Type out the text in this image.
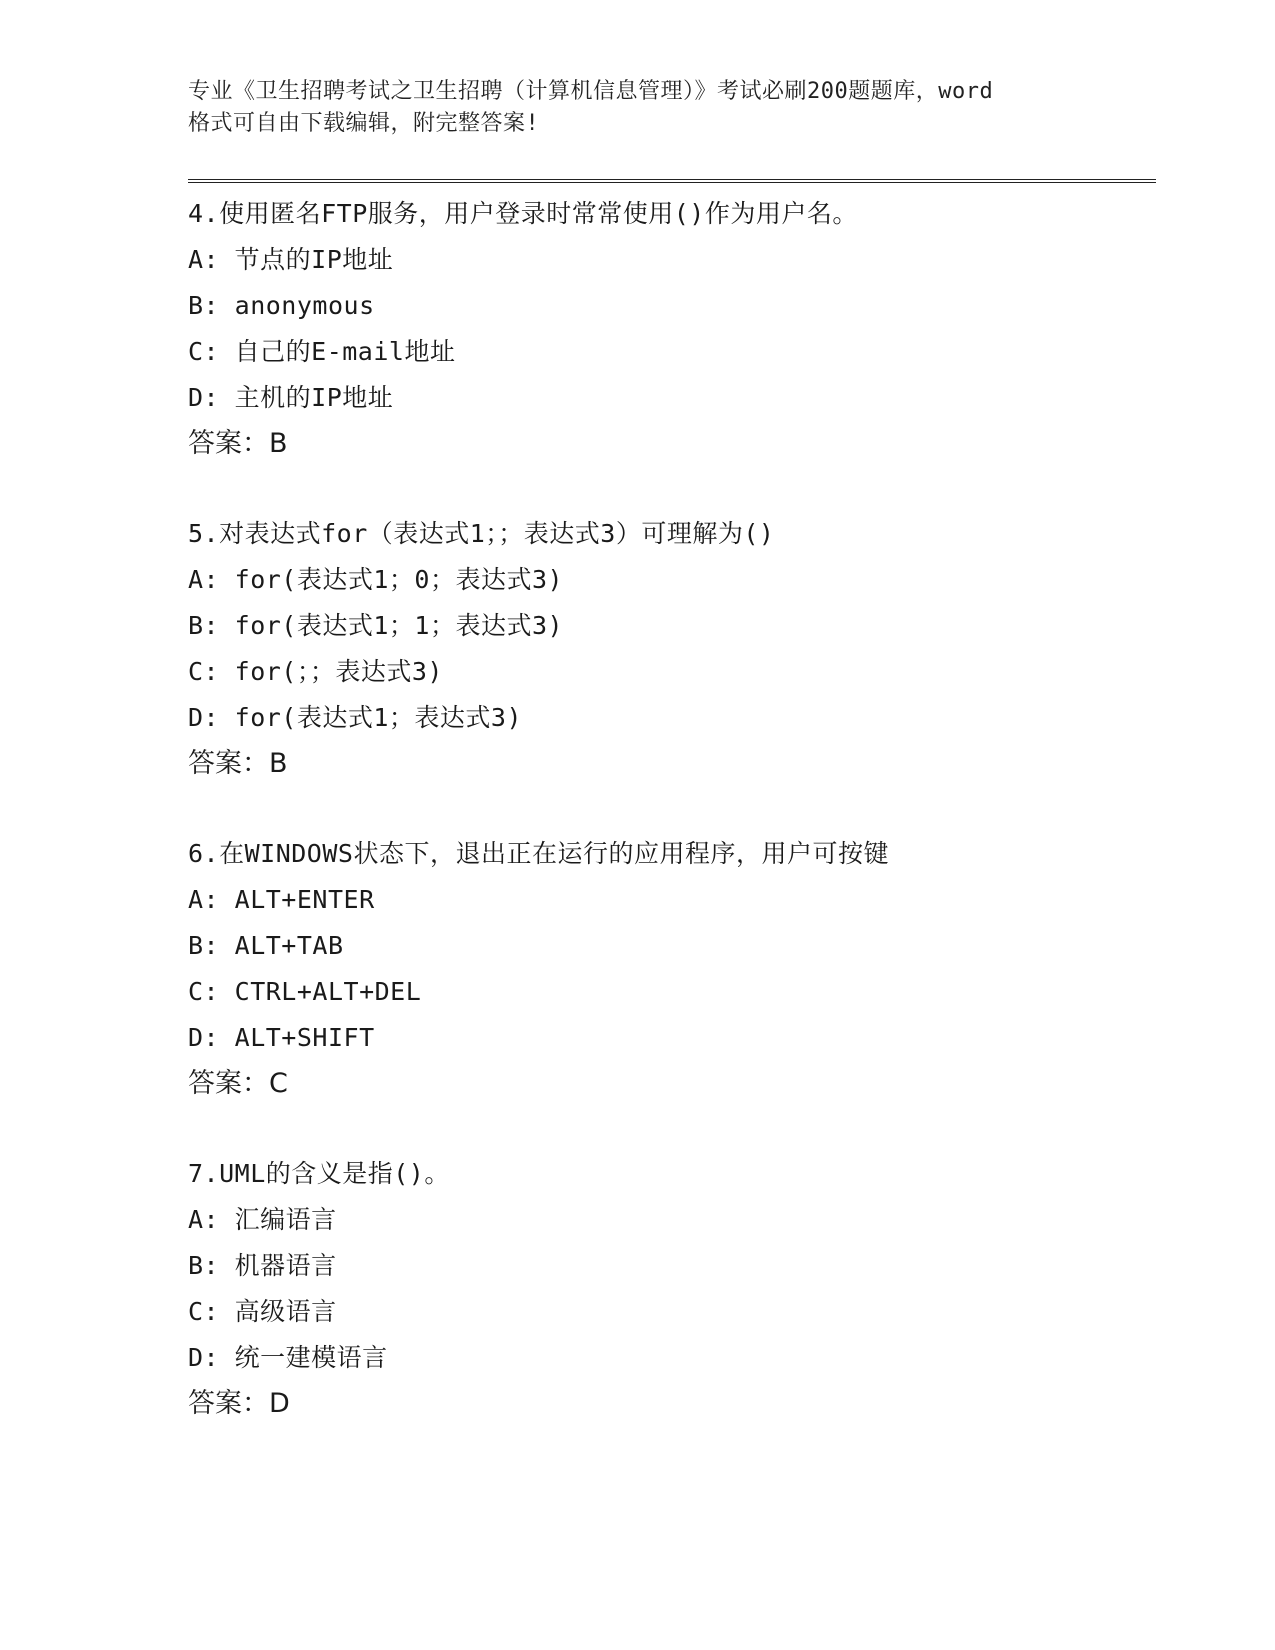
专业《卫生招聘考试之卫生招聘（计算机信息管理）》考试必刷200题题库，word
格式可自由下载编辑，附完整答案!
4.使用匿名FTP服务，用户登录时常常使用()作为用户名。
A: 节点的IP地址
B: anonymous
C: 自己的E-mail地址
D: 主机的IP地址
答案：B
5.对表达式for（表达式1；；表达式3）可理解为()
A: for(表达式1；0；表达式3)
B: for(表达式1；1；表达式3)
C: for(；；表达式3)
D: for(表达式1；表达式3)
答案：B
6.在WINDOWS状态下，退出正在运行的应用程序，用户可按键
A: ALT+ENTER
B: ALT+TAB
C: CTRL+ALT+DEL
D: ALT+SHIFT
答案：C
7.UML的含义是指()。
A: 汇编语言
B: 机器语言
C: 高级语言
D: 统一建模语言
答案：D
